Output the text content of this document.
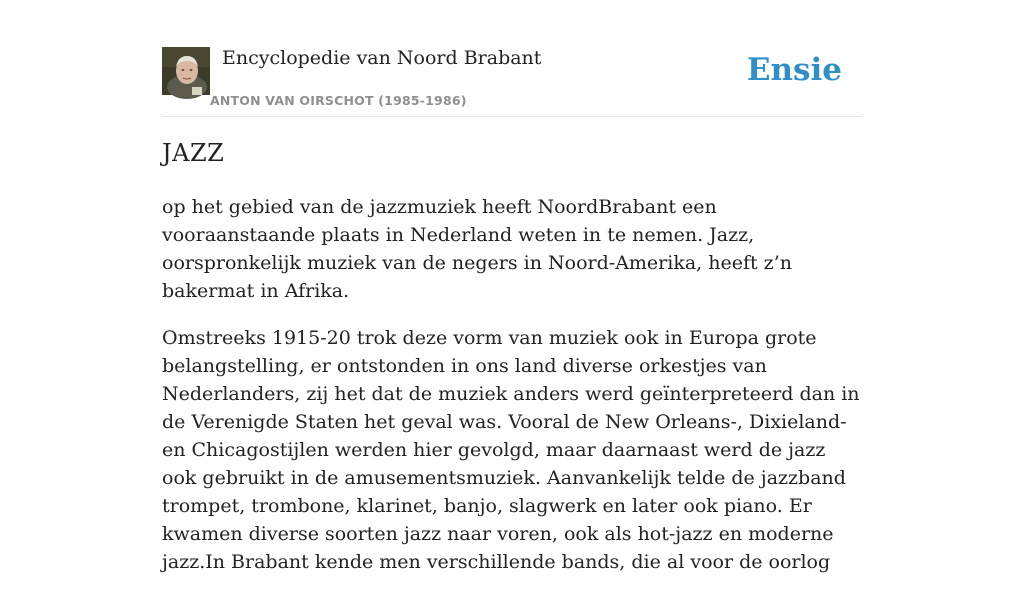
Encyclopedie van Noord Brabant
ANTON VAN OIRSCHOT (1985-1986)
Ensie
JAZZ

op het gebied van de jazzmuziek heeft NoordBrabant een vooraanstaande plaats in Nederland weten in te nemen. Jazz, oorspronkelijk muziek van de negers in Noord-Amerika, heeft z’n bakermat in Afrika.

Omstreeks 1915-20 trok deze vorm van muziek ook in Europa grote belangstelling, er ontstonden in ons land diverse orkestjes van Nederlanders, zij het dat de muziek anders werd geïnterpreteerd dan in de Verenigde Staten het geval was. Vooral de New Orleans-, Dixieland- en Chicagostijlen werden hier gevolgd, maar daarnaast werd de jazz ook gebruikt in de amusementsmuziek. Aanvankelijk telde de jazzband trompet, trombone, klarinet, banjo, slagwerk en later ook piano. Er kwamen diverse soorten jazz naar voren, ook als hot-jazz en moderne jazz.In Brabant kende men verschillende bands, die al voor de oorlog
